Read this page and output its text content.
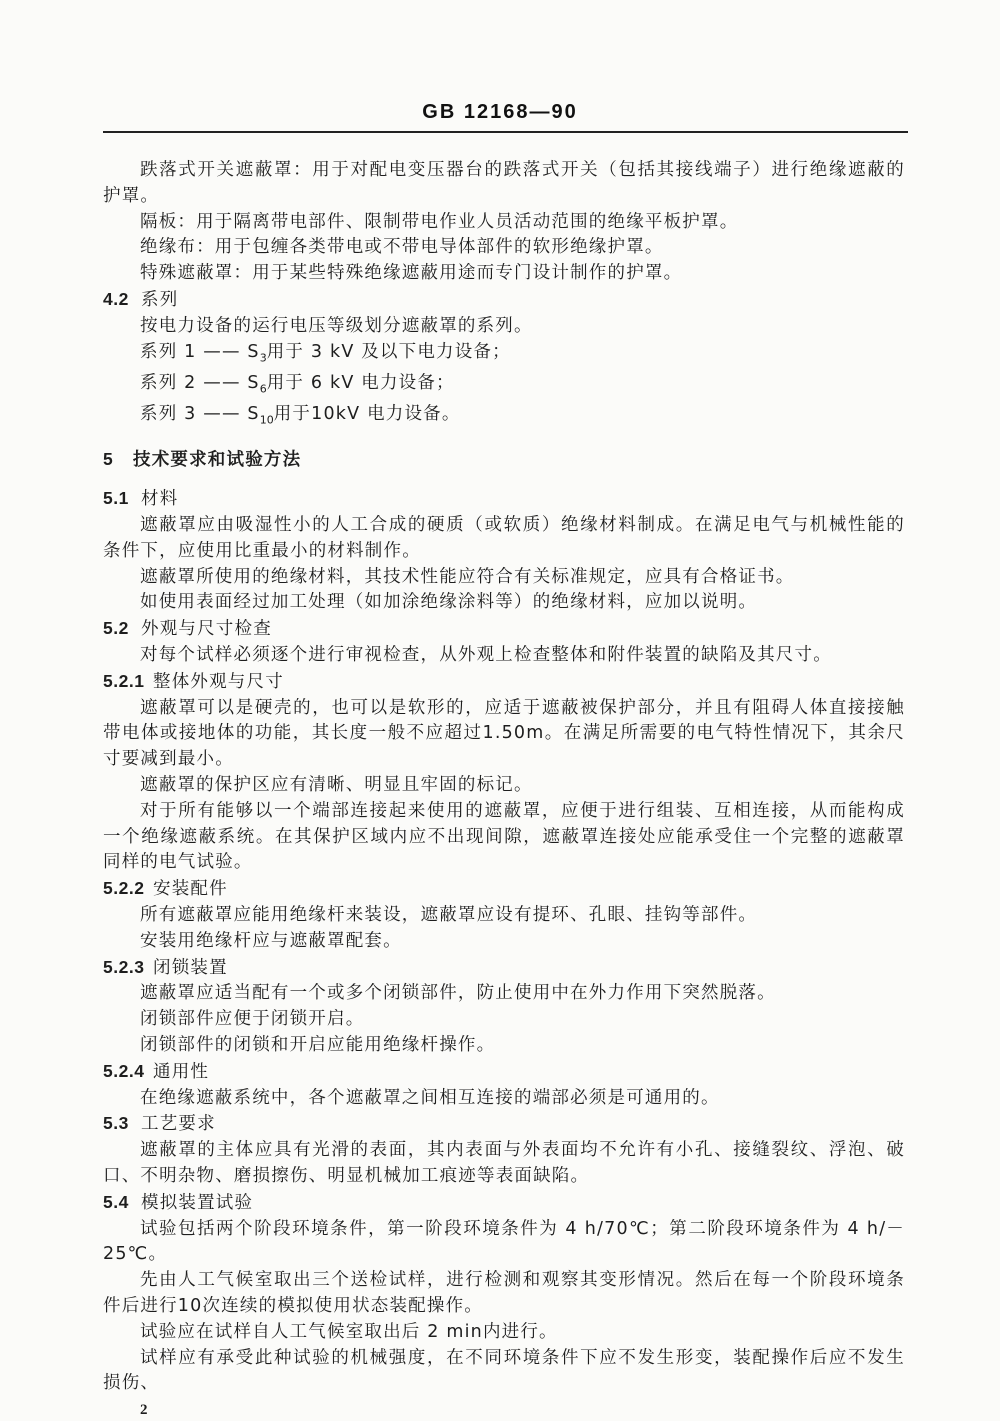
GB 12168—90

跌落式开关遮蔽罩：用于对配电变压器台的跌落式开关（包括其接线端子）进行绝缘遮蔽的护罩。

隔板：用于隔离带电部件、限制带电作业人员活动范围的绝缘平板护罩。

绝缘布：用于包缠各类带电或不带电导体部件的软形绝缘护罩。

特殊遮蔽罩：用于某些特殊绝缘遮蔽用途而专门设计制作的护罩。

4.2 系列

按电力设备的运行电压等级划分遮蔽罩的系列。

系列 1 —— $S_3$用于 3 kV 及以下电力设备；

系列 2 —— $S_6$用于 6 kV 电力设备；

系列 3 —— $S_{10}$用于10kV 电力设备。

5 技术要求和试验方法

5.1 材料

遮蔽罩应由吸湿性小的人工合成的硬质（或软质）绝缘材料制成。在满足电气与机械性能的条件下，应使用比重最小的材料制作。

遮蔽罩所使用的绝缘材料，其技术性能应符合有关标准规定，应具有合格证书。

如使用表面经过加工处理（如加涂绝缘涂料等）的绝缘材料，应加以说明。

5.2 外观与尺寸检查

对每个试样必须逐个进行审视检查，从外观上检查整体和附件装置的缺陷及其尺寸。

5.2.1 整体外观与尺寸

遮蔽罩可以是硬壳的，也可以是软形的，应适于遮蔽被保护部分，并且有阻碍人体直接接触带电体或接地体的功能，其长度一般不应超过1.50m。在满足所需要的电气特性情况下，其余尺寸要减到最小。

遮蔽罩的保护区应有清晰、明显且牢固的标记。

对于所有能够以一个端部连接起来使用的遮蔽罩，应便于进行组装、互相连接，从而能构成一个绝缘遮蔽系统。在其保护区域内应不出现间隙，遮蔽罩连接处应能承受住一个完整的遮蔽罩同样的电气试验。

5.2.2 安装配件

所有遮蔽罩应能用绝缘杆来装设，遮蔽罩应设有提环、孔眼、挂钩等部件。

安装用绝缘杆应与遮蔽罩配套。

5.2.3 闭锁装置

遮蔽罩应适当配有一个或多个闭锁部件，防止使用中在外力作用下突然脱落。

闭锁部件应便于闭锁开启。

闭锁部件的闭锁和开启应能用绝缘杆操作。

5.2.4 通用性

在绝缘遮蔽系统中，各个遮蔽罩之间相互连接的端部必须是可通用的。

5.3 工艺要求

遮蔽罩的主体应具有光滑的表面，其内表面与外表面均不允许有小孔、接缝裂纹、浮泡、破口、不明杂物、磨损擦伤、明显机械加工痕迹等表面缺陷。

5.4 模拟装置试验

试验包括两个阶段环境条件，第一阶段环境条件为 4 h/70℃；第二阶段环境条件为 4 h/－25℃。

先由人工气候室取出三个送检试样，进行检测和观察其变形情况。然后在每一个阶段环境条件后进行10次连续的模拟使用状态装配操作。

试验应在试样自人工气候室取出后 2 min内进行。

试样应有承受此种试验的机械强度，在不同环境条件下应不发生形变，装配操作后应不发生损伤、

2
